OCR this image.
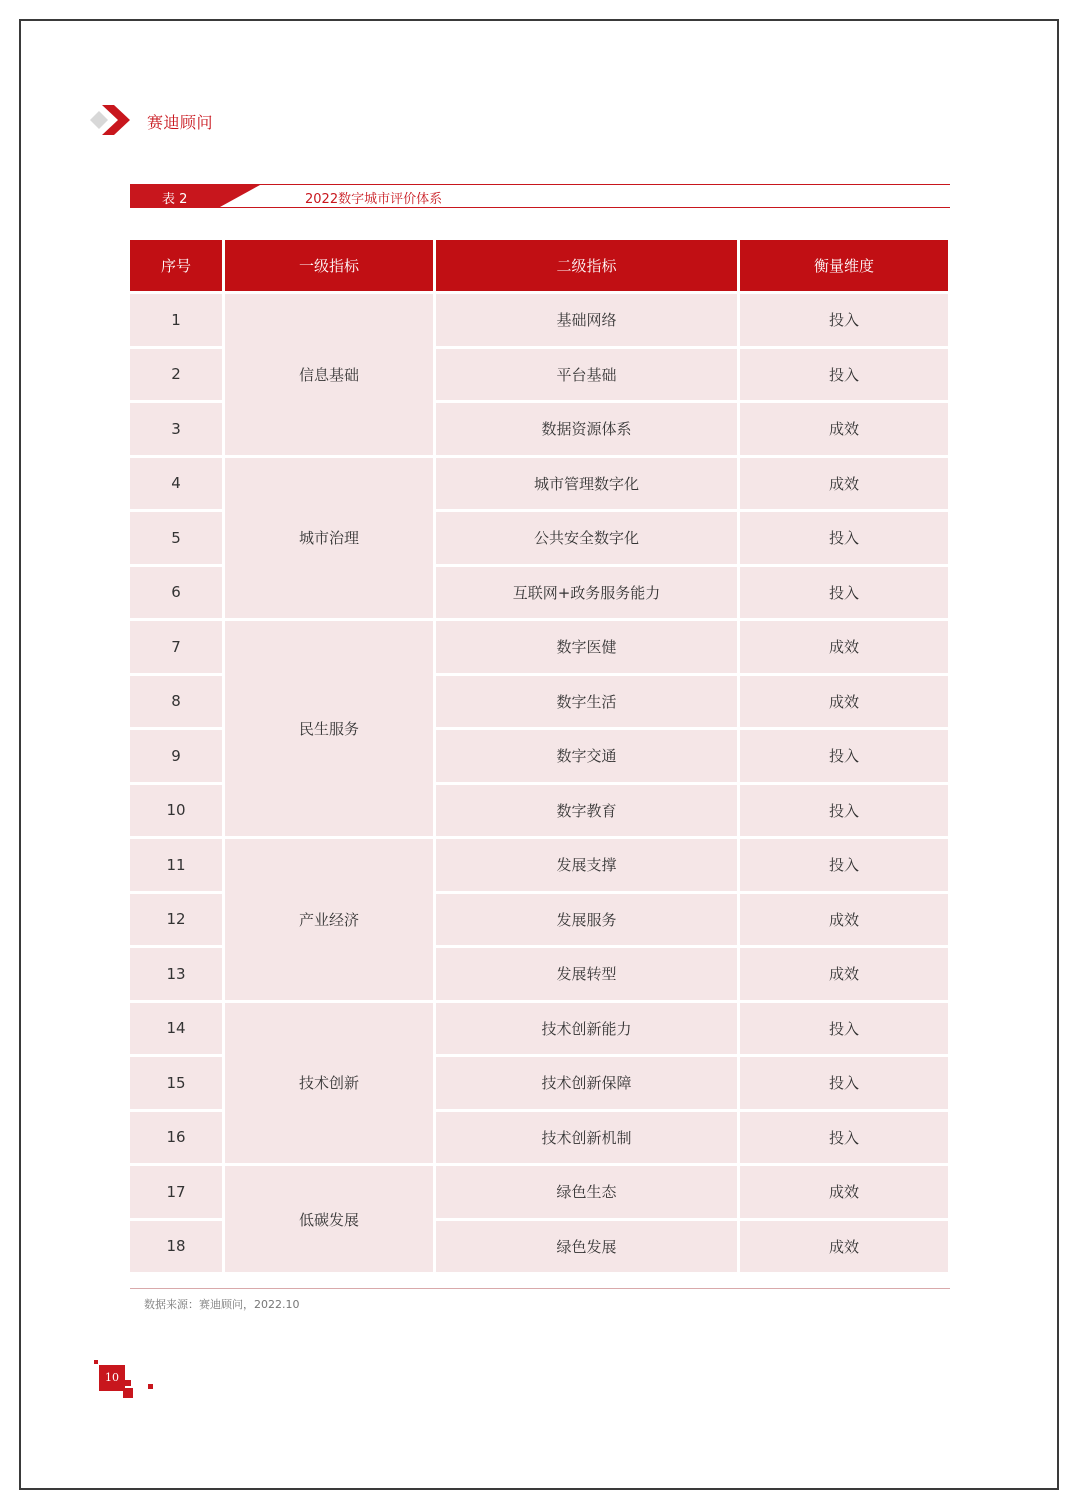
赛迪顾问
表 2	2022数字城市评价体系
序号	一级指标	二级指标	衡量维度
1	信息基础	基础网络	投入
2		平台基础	投入
3		数据资源体系	成效
4	城市治理	城市管理数字化	成效
5		公共安全数字化	投入
6		互联网+政务服务能力	投入
7	民生服务	数字医健	成效
8		数字生活	成效
9		数字交通	投入
10		数字教育	投入
11	产业经济	发展支撑	投入
12		发展服务	成效
13		发展转型	成效
14	技术创新	技术创新能力	投入
15		技术创新保障	投入
16		技术创新机制	投入
17	低碳发展	绿色生态	成效
18		绿色发展	成效
数据来源：赛迪顾问，2022.10
10
